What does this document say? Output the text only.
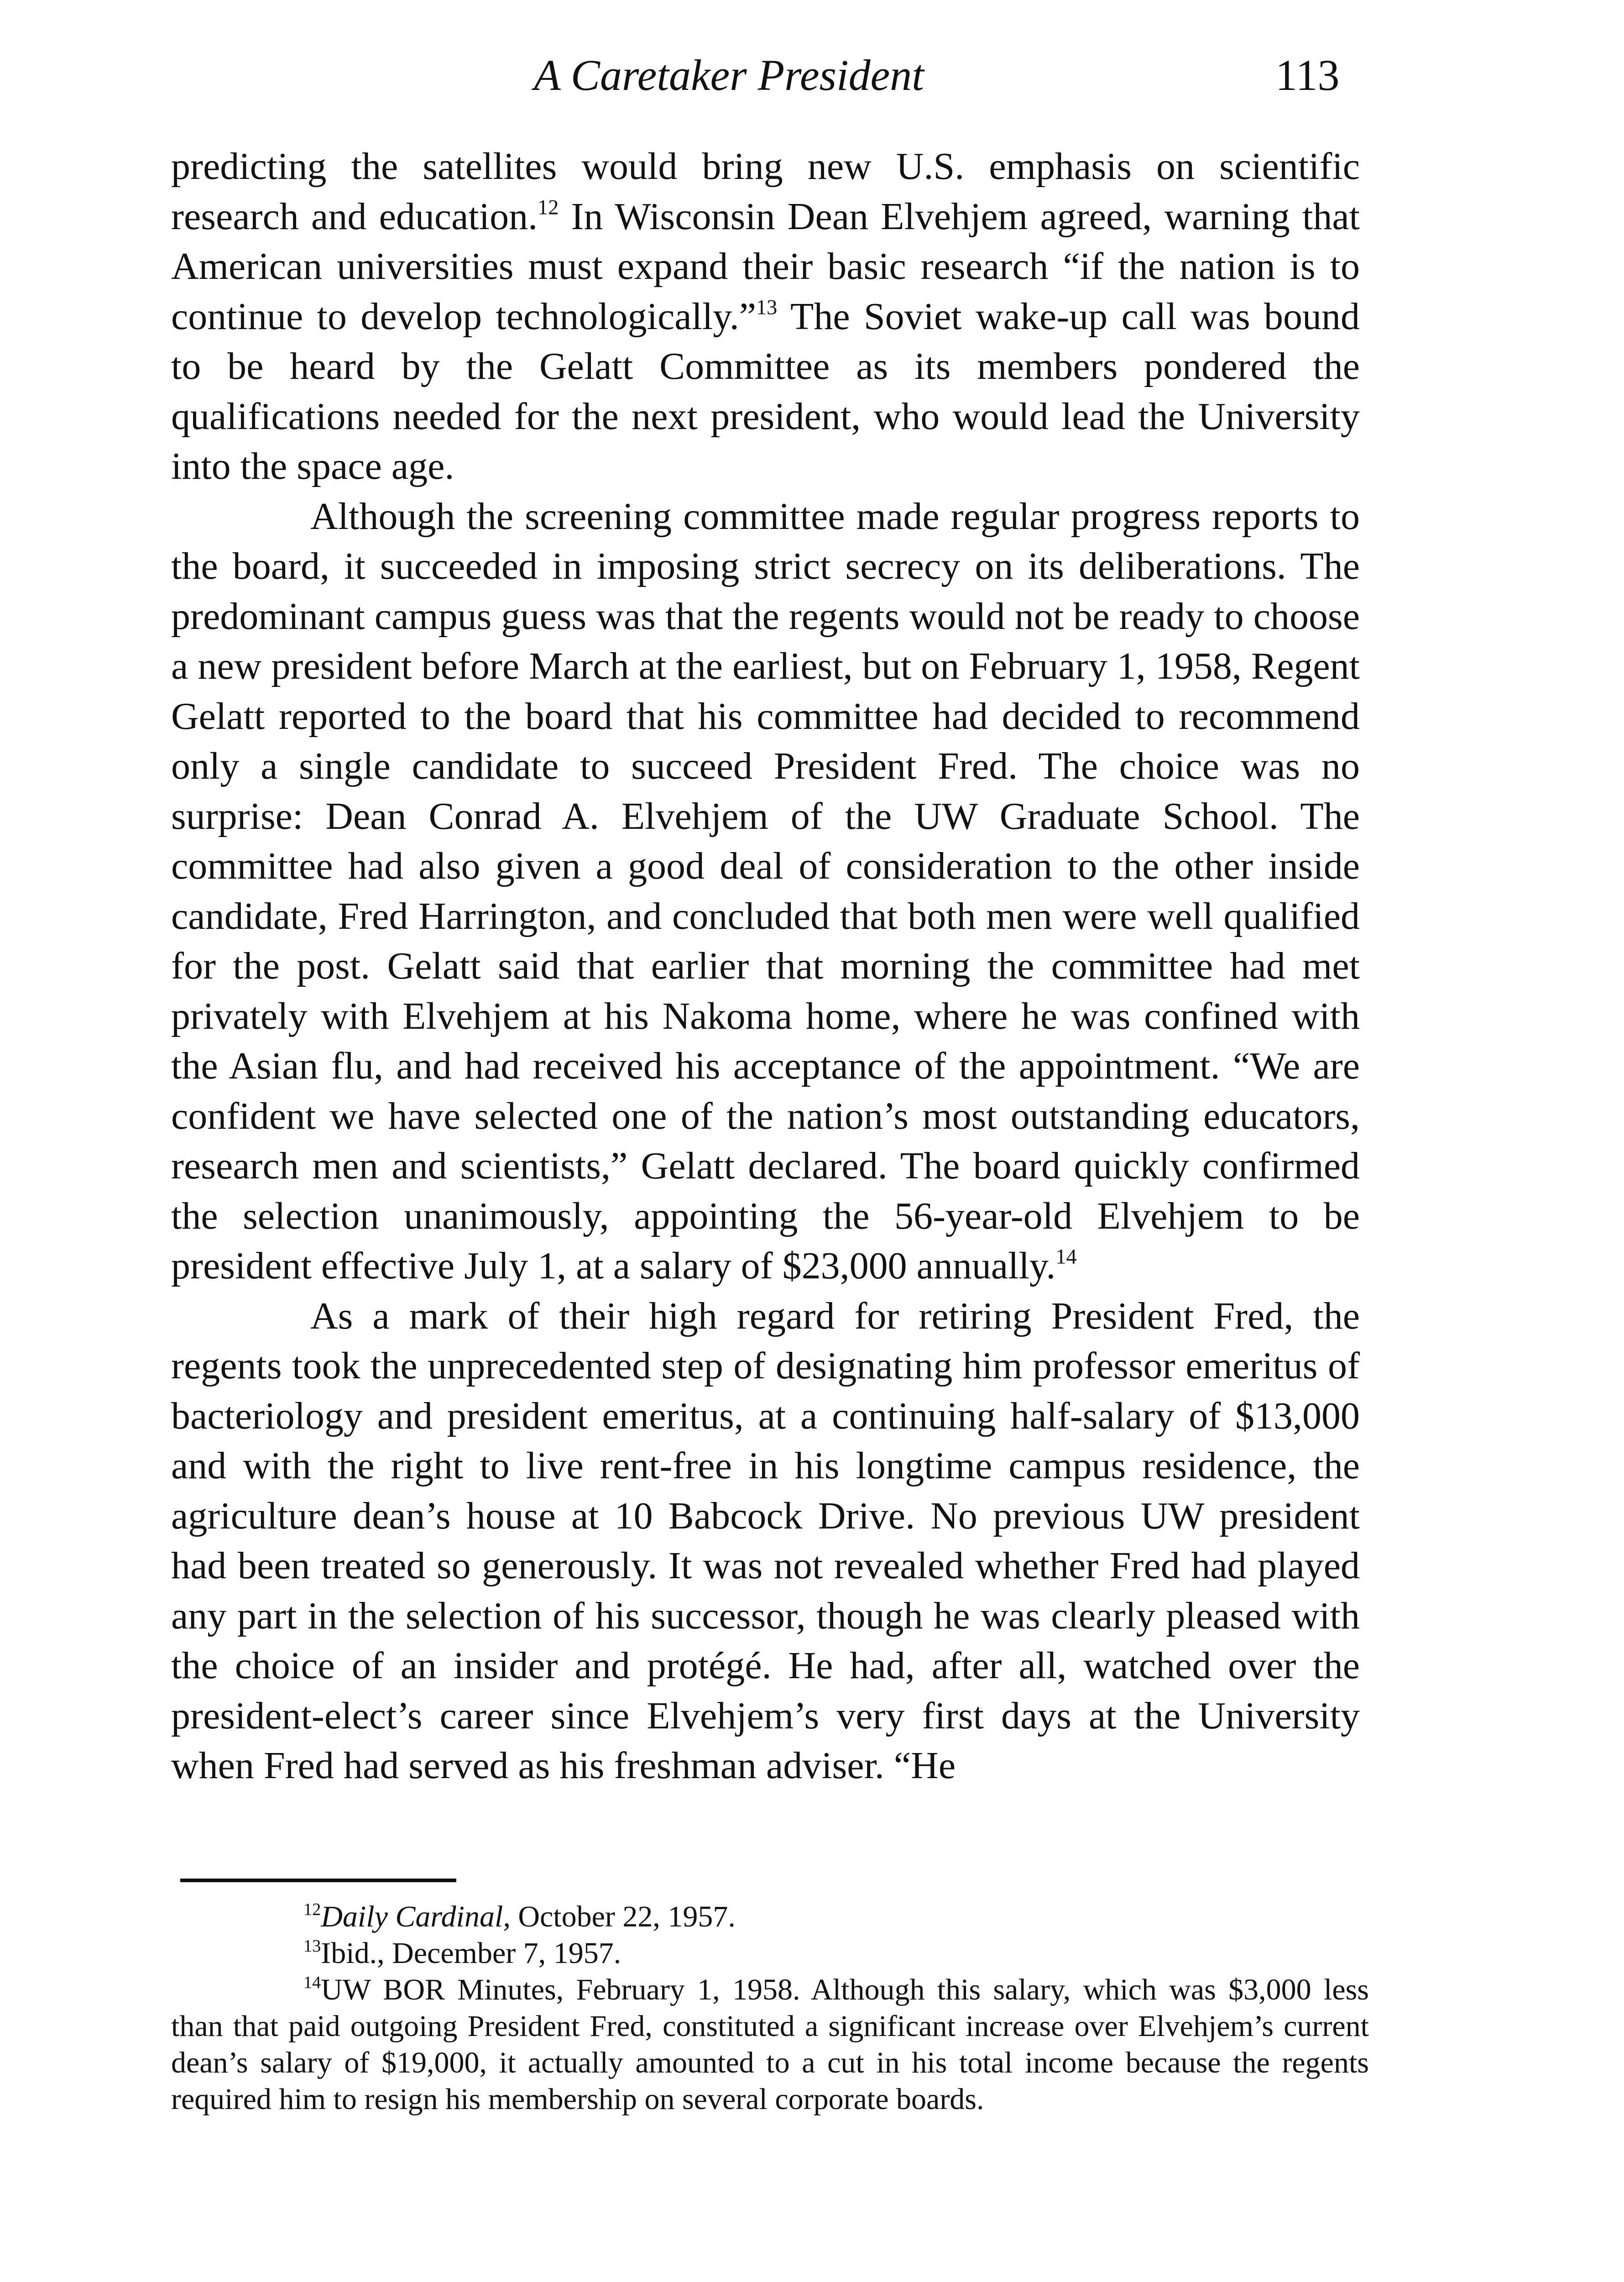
A Caretaker President	113

predicting the satellites would bring new U.S. emphasis on scientific research and education.$^{12}$ In Wisconsin Dean Elvehjem agreed, warning that American universities must expand their basic research “if the nation is to continue to develop technologically.”$^{13}$ The Soviet wake-up call was bound to be heard by the Gelatt Committee as its members pondered the qualifications needed for the next president, who would lead the University into the space age.

Although the screening committee made regular progress reports to the board, it succeeded in imposing strict secrecy on its deliberations. The predominant campus guess was that the regents would not be ready to choose a new president before March at the earliest, but on February 1, 1958, Regent Gelatt reported to the board that his committee had decided to recommend only a single candidate to succeed President Fred. The choice was no surprise: Dean Conrad A. Elvehjem of the UW Graduate School. The committee had also given a good deal of consideration to the other inside candidate, Fred Harrington, and concluded that both men were well qualified for the post. Gelatt said that earlier that morning the committee had met privately with Elvehjem at his Nakoma home, where he was confined with the Asian flu, and had received his acceptance of the appointment. “We are confident we have selected one of the nation’s most outstanding educators, research men and scientists,” Gelatt declared. The board quickly confirmed the selection unanimously, appointing the 56-year-old Elvehjem to be president effective July 1, at a salary of $23,000 annually.$^{14}$

As a mark of their high regard for retiring President Fred, the regents took the unprecedented step of designating him professor emeritus of bacteriology and president emeritus, at a continuing half-salary of $13,000 and with the right to live rent-free in his longtime campus residence, the agriculture dean’s house at 10 Babcock Drive. No previous UW president had been treated so generously. It was not revealed whether Fred had played any part in the selection of his successor, though he was clearly pleased with the choice of an insider and protégé. He had, after all, watched over the president-elect’s career since Elvehjem’s very first days at the University when Fred had served as his freshman adviser. “He

$^{12}$Daily Cardinal, October 22, 1957.

$^{13}$Ibid., December 7, 1957.

$^{14}$UW BOR Minutes, February 1, 1958. Although this salary, which was $3,000 less than that paid outgoing President Fred, constituted a significant increase over Elvehjem’s current dean’s salary of $19,000, it actually amounted to a cut in his total income because the regents required him to resign his membership on several corporate boards.
